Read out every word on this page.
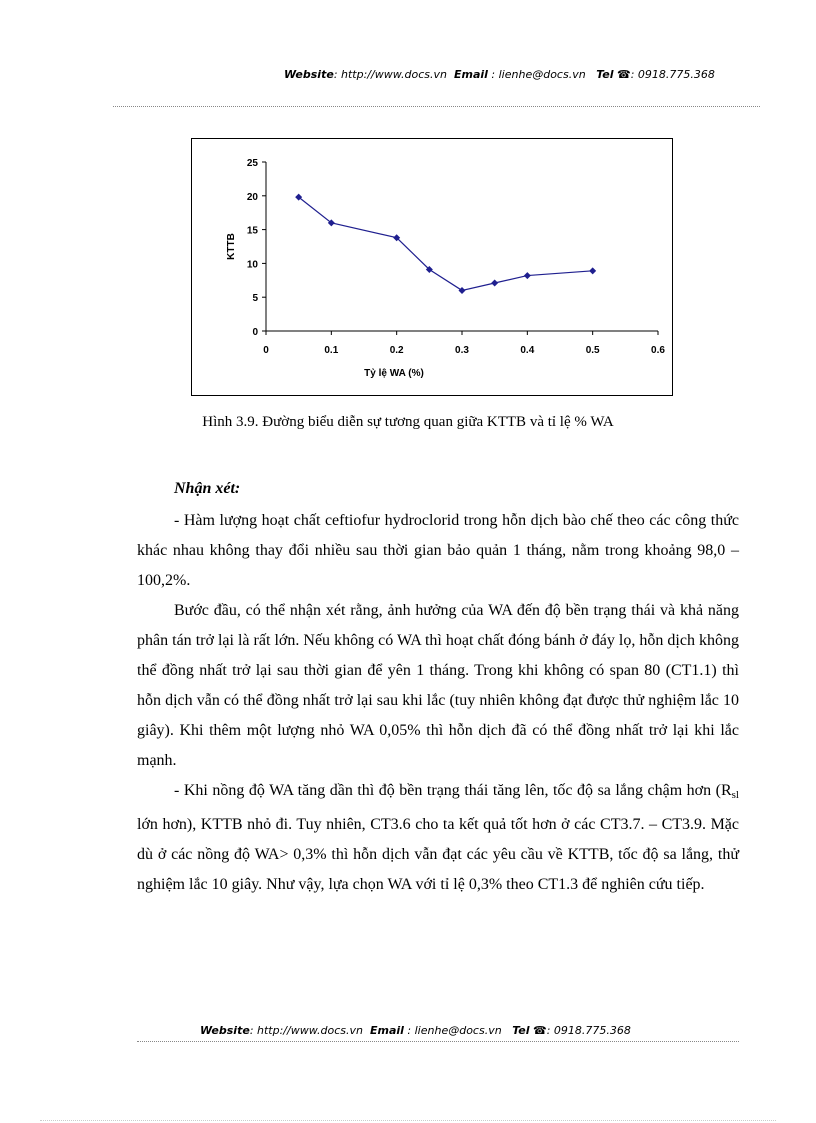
Website: http://www.docs.vn Email : lienhe@docs.vn Tel ☎: 0918.775.368
0
5
10
15
20
25
0	0.1	0.2	0.3	0.4	0.5	0.6
Tỷ lệ WA (%)
KTTB
Hình 3.9. Đường biểu diễn sự tương quan giữa KTTB và tỉ lệ % WA
Nhận xét:

- Hàm lượng hoạt chất ceftiofur hydroclorid trong hỗn dịch bào chế theo các công thức khác nhau không thay đổi nhiều sau thời gian bảo quản 1 tháng, nằm trong khoảng 98,0 – 100,2%.

Bước đầu, có thể nhận xét rằng, ảnh hưởng của WA đến độ bền trạng thái và khả năng phân tán trở lại là rất lớn. Nếu không có WA thì hoạt chất đóng bánh ở đáy lọ, hỗn dịch không thể đồng nhất trở lại sau thời gian để yên 1 tháng. Trong khi không có span 80 (CT1.1) thì hỗn dịch vẫn có thể đồng nhất trở lại sau khi lắc (tuy nhiên không đạt được thử nghiệm lắc 10 giây). Khi thêm một lượng nhỏ WA 0,05% thì hỗn dịch đã có thể đồng nhất trở lại khi lắc mạnh.

- Khi nồng độ WA tăng dần thì độ bền trạng thái tăng lên, tốc độ sa lắng chậm hơn ($R_{sl}$ lớn hơn), KTTB nhỏ đi. Tuy nhiên, CT3.6 cho ta kết quả tốt hơn ở các CT3.7. – CT3.9. Mặc dù ở các nồng độ WA> 0,3% thì hỗn dịch vẫn đạt các yêu cầu về KTTB, tốc độ sa lắng, thử nghiệm lắc 10 giây. Như vậy, lựa chọn WA với tỉ lệ 0,3% theo CT1.3 để nghiên cứu tiếp.

Website: http://www.docs.vn Email : lienhe@docs.vn Tel ☎: 0918.775.368
